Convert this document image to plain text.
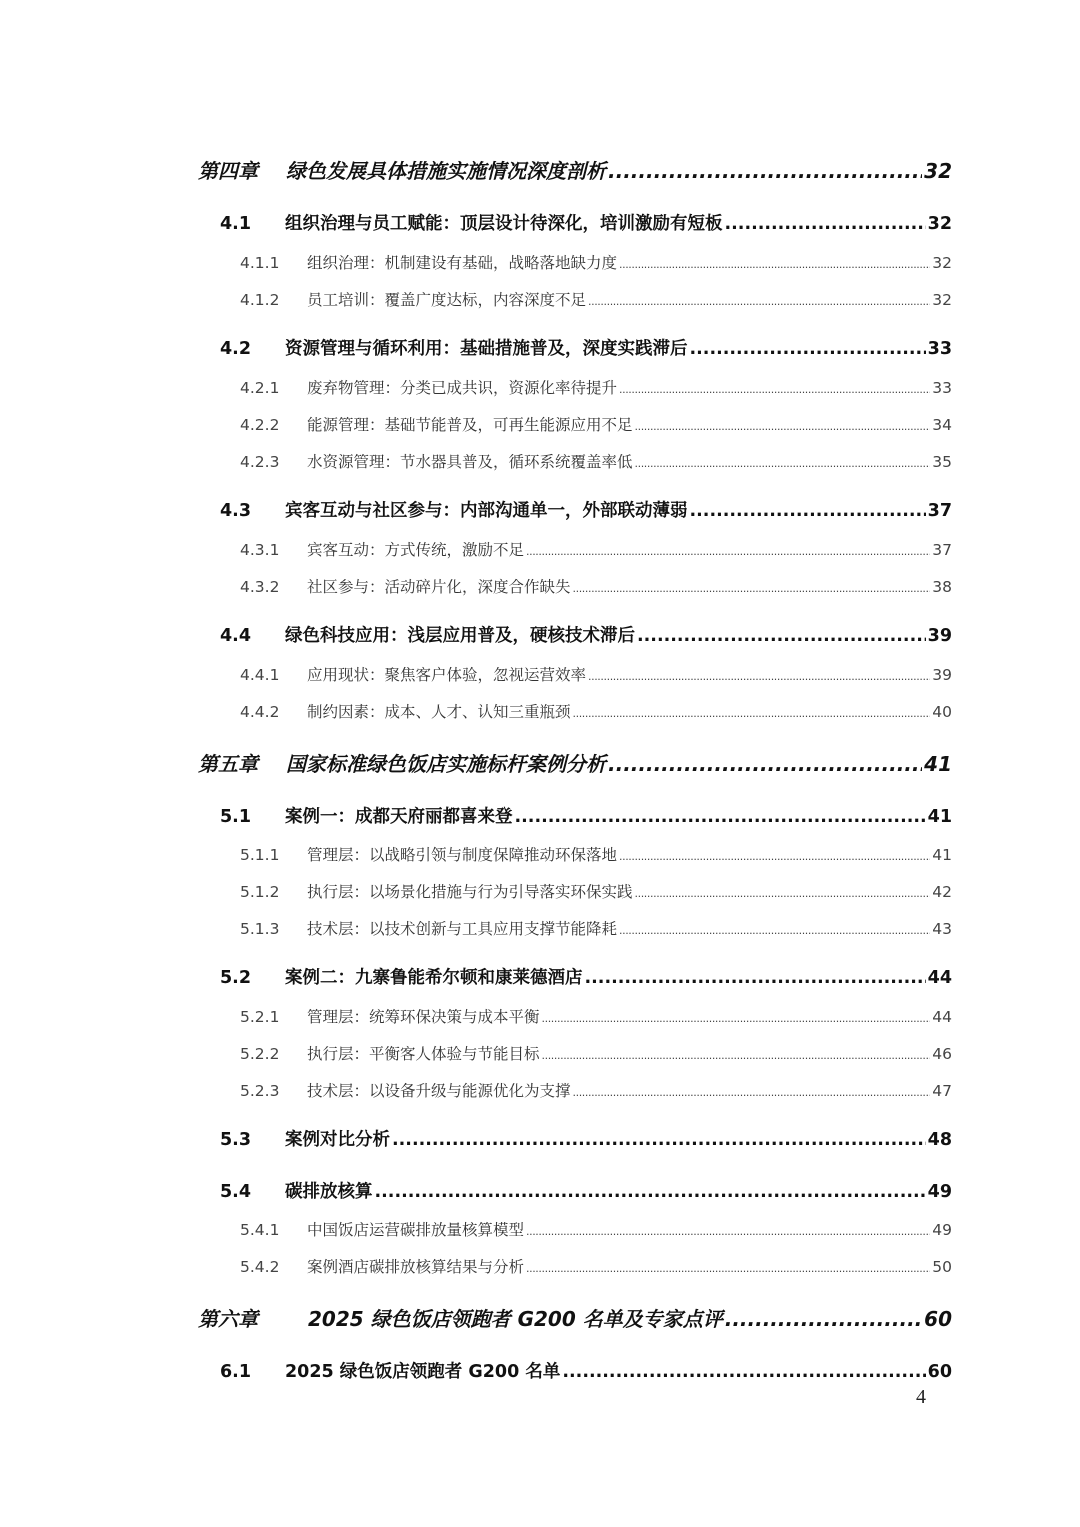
第四章	绿色发展具体措施实施情况深度剖析 .....	32
4.1	组织治理与员工赋能：顶层设计待深化，培训激励有短板 .....	32
4.1.1	组织治理：机制建设有基础，战略落地缺力度 .....	32
4.1.2	员工培训：覆盖广度达标，内容深度不足 .....	32
4.2	资源管理与循环利用：基础措施普及，深度实践滞后 .....	33
4.2.1	废弃物管理：分类已成共识，资源化率待提升 .....	33
4.2.2	能源管理：基础节能普及，可再生能源应用不足 .....	34
4.2.3	水资源管理：节水器具普及，循环系统覆盖率低 .....	35
4.3	宾客互动与社区参与：内部沟通单一，外部联动薄弱 .....	37
4.3.1	宾客互动：方式传统，激励不足 .....	37
4.3.2	社区参与：活动碎片化，深度合作缺失 .....	38
4.4	绿色科技应用：浅层应用普及，硬核技术滞后 .....	39
4.4.1	应用现状：聚焦客户体验，忽视运营效率 .....	39
4.4.2	制约因素：成本、人才、认知三重瓶颈 .....	40
第五章	国家标准绿色饭店实施标杆案例分析 .....	41
5.1	案例一：成都天府丽都喜来登 .....	41
5.1.1	管理层：以战略引领与制度保障推动环保落地 .....	41
5.1.2	执行层：以场景化措施与行为引导落实环保实践 .....	42
5.1.3	技术层：以技术创新与工具应用支撑节能降耗 .....	43
5.2	案例二：九寨鲁能希尔顿和康莱德酒店 .....	44
5.2.1	管理层：统筹环保决策与成本平衡 .....	44
5.2.2	执行层：平衡客人体验与节能目标 .....	46
5.2.3	技术层：以设备升级与能源优化为支撑 .....	47
5.3	案例对比分析 .....	48
5.4	碳排放核算 .....	49
5.4.1	中国饭店运营碳排放量核算模型 .....	49
5.4.2	案例酒店碳排放核算结果与分析 .....	50
第六章	2025 绿色饭店领跑者 G200 名单及专家点评 .....	60
6.1	2025 绿色饭店领跑者 G200 名单 .....	60
4
